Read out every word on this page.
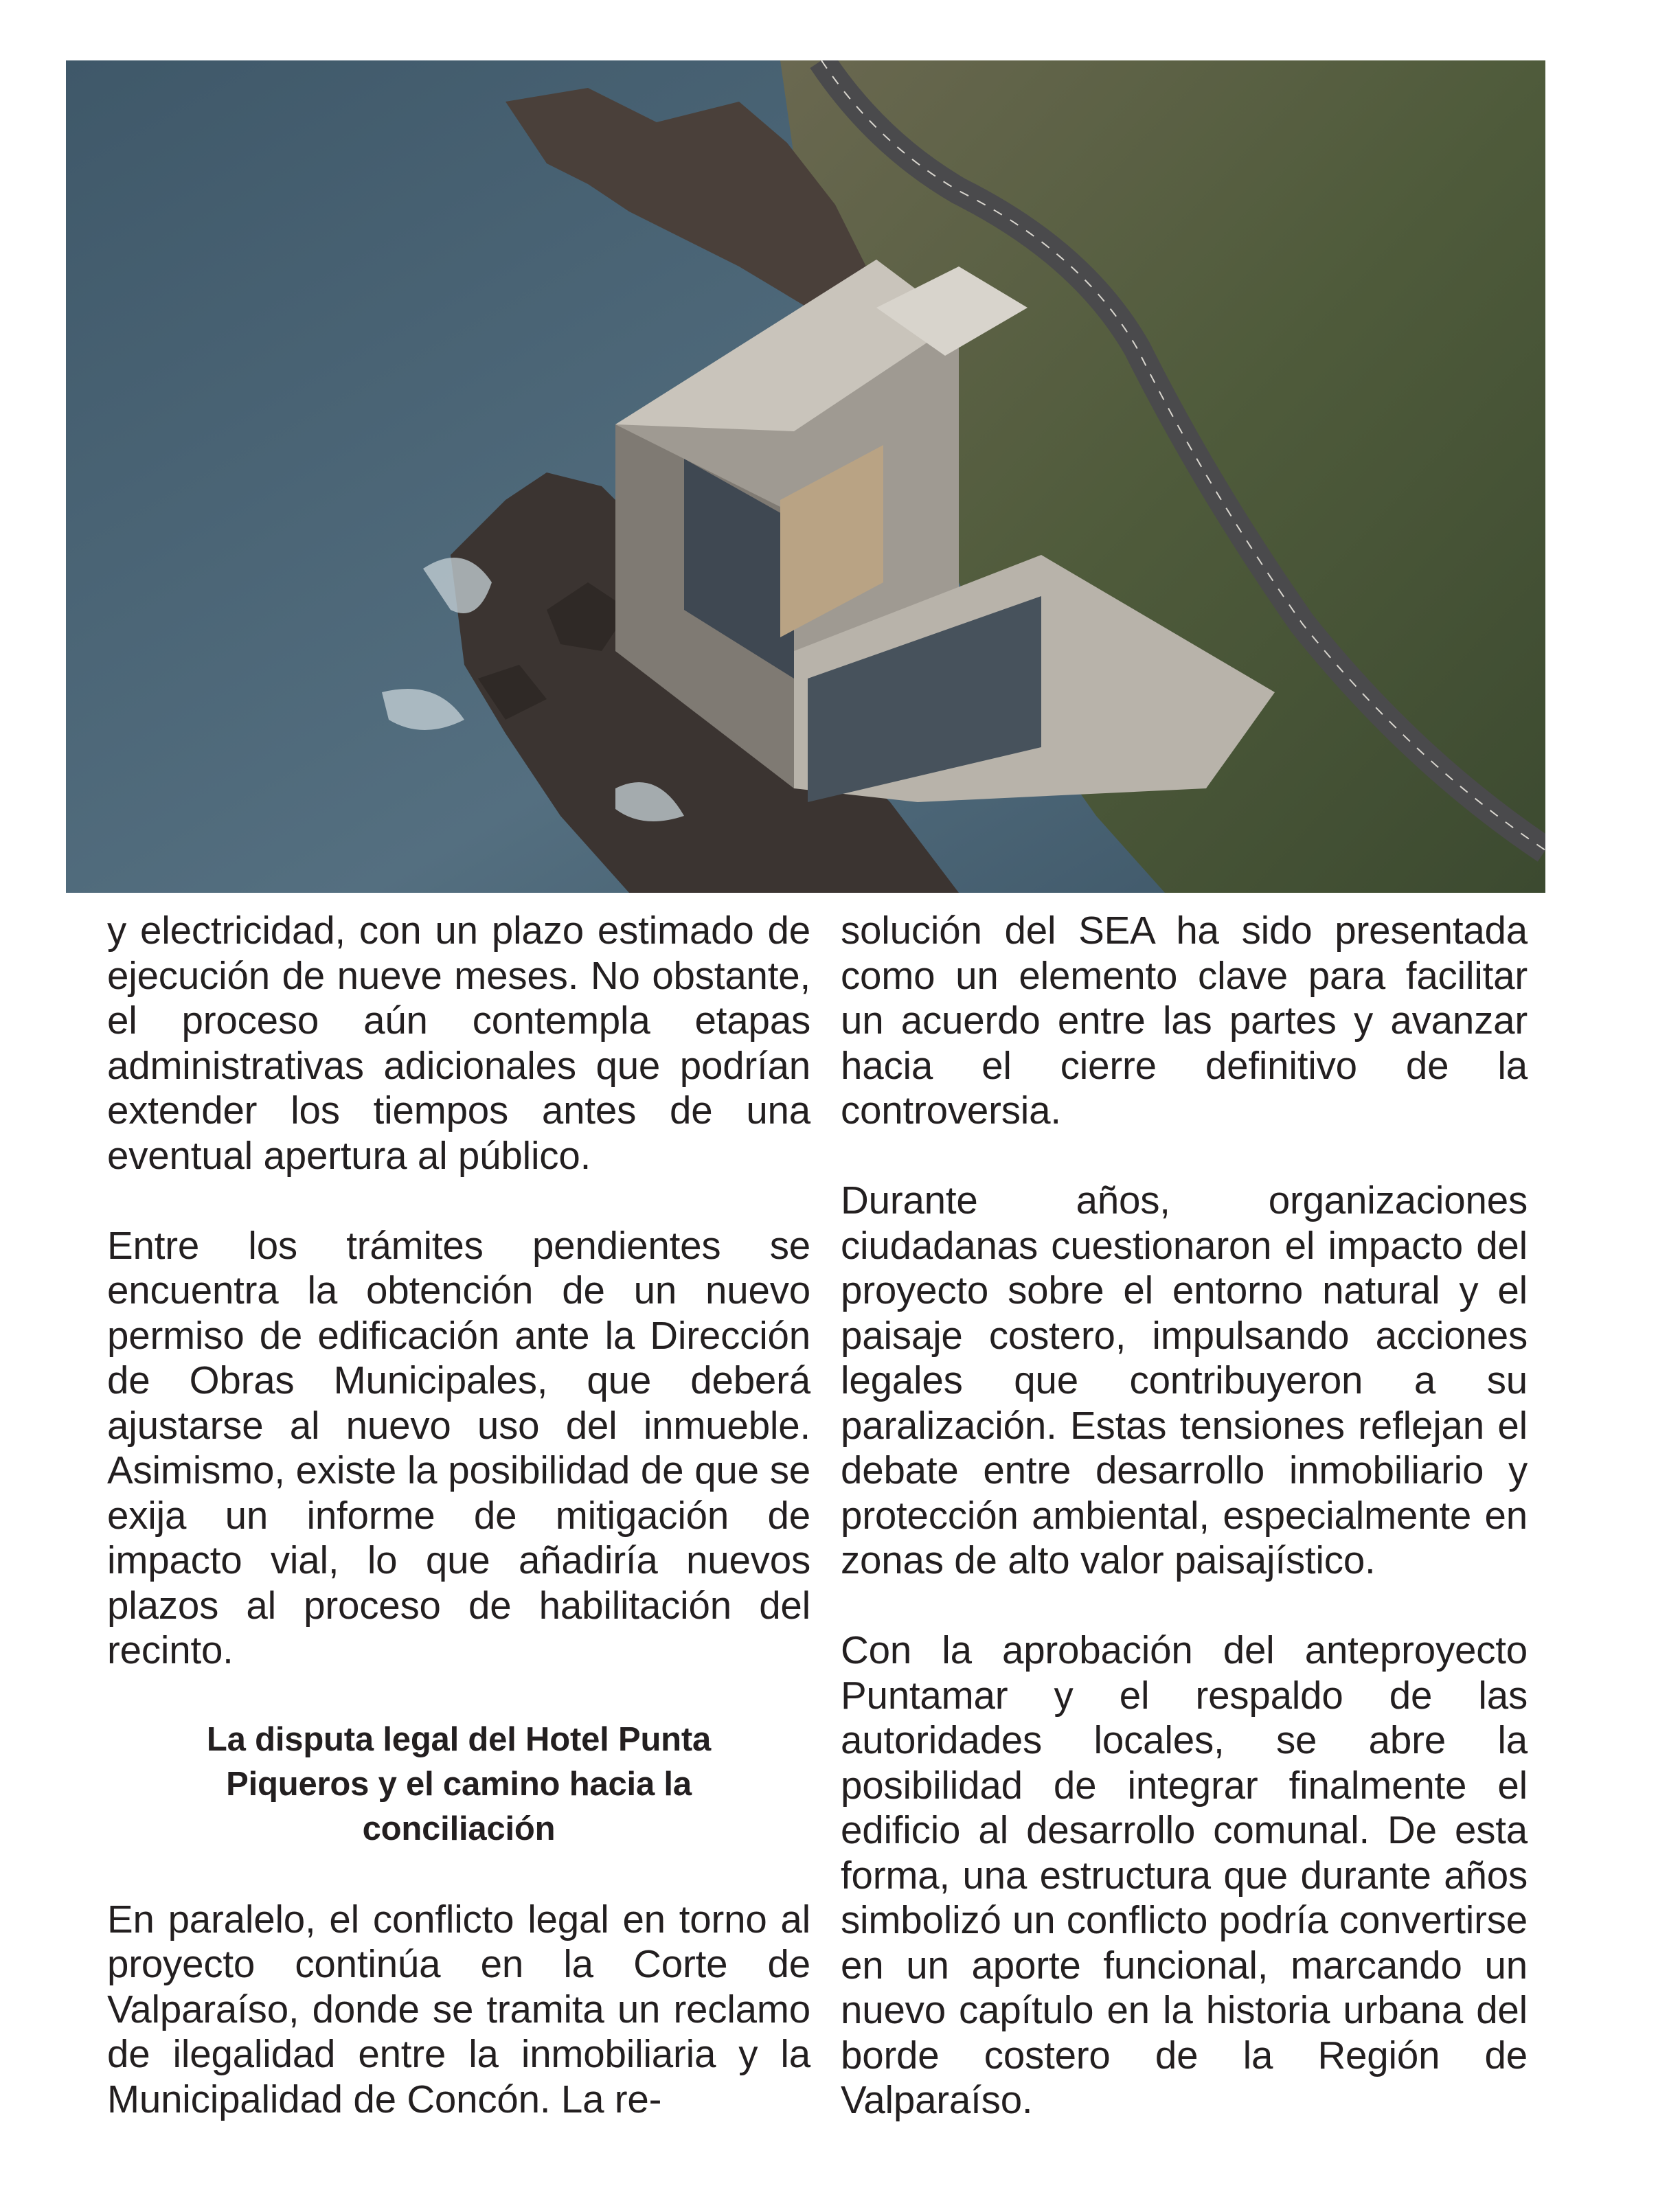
y electricidad, con un plazo estimado de ejecución de nueve meses. No obstante, el proceso aún contempla etapas administrativas adicionales que podrían extender los tiempos antes de una eventual apertura al público.

Entre los trámites pendientes se encuentra la obtención de un nuevo permiso de edificación ante la Dirección de Obras Municipales, que deberá ajustarse al nuevo uso del inmueble. Asimismo, existe la posibilidad de que se exija un informe de mitigación de impacto vial, lo que añadiría nuevos plazos al proceso de habilitación del recinto.

La disputa legal del Hotel Punta Piqueros y el camino hacia la conciliación

En paralelo, el conflicto legal en torno al proyecto continúa en la Corte de Valparaíso, donde se tramita un reclamo de ilegalidad entre la inmobiliaria y la Municipalidad de Concón. La re-

solución del SEA ha sido presentada como un elemento clave para facilitar un acuerdo entre las partes y avanzar hacia el cierre definitivo de la controversia.

Durante años, organizaciones ciudadanas cuestionaron el impacto del proyecto sobre el entorno natural y el paisaje costero, impulsando acciones legales que contribuyeron a su paralización. Estas tensiones reflejan el debate entre desarrollo inmobiliario y protección ambiental, especialmente en zonas de alto valor paisajístico.

Con la aprobación del anteproyecto Puntamar y el respaldo de las autoridades locales, se abre la posibilidad de integrar finalmente el edificio al desarrollo comunal. De esta forma, una estructura que durante años simbolizó un conflicto podría convertirse en un aporte funcional, marcando un nuevo capítulo en la historia urbana del borde costero de la Región de Valparaíso.
